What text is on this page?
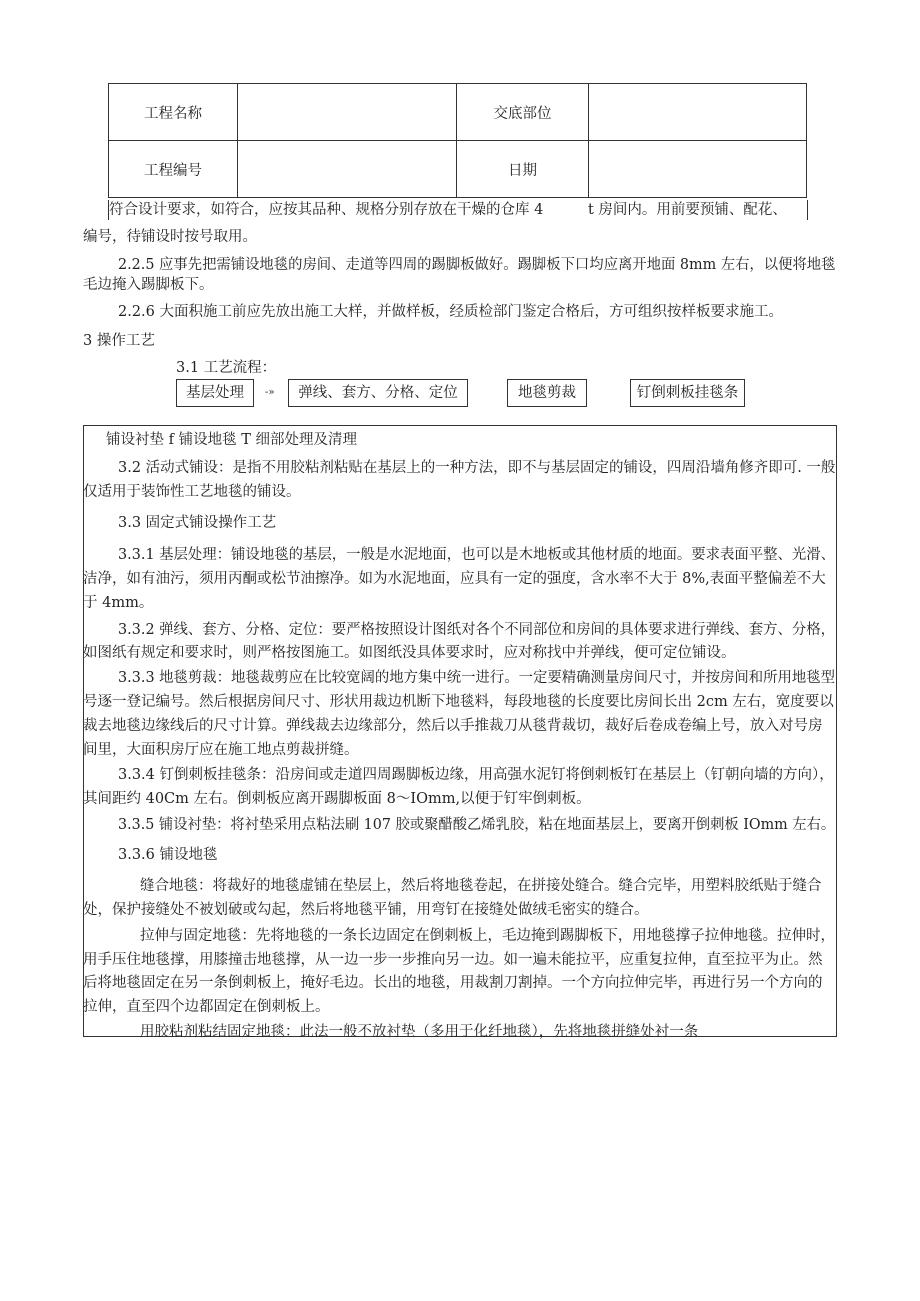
工程名称		交底部位	
工程编号		日期	
符合设计要求，如符合，应按其品种、规格分别存放在干燥的仓库 4	t 房间内。用前要预铺、配花、
编号，待铺设时按号取用。
2.2.5 应事先把需铺设地毯的房间、走道等四周的踢脚板做好。踢脚板下口均应离开地面 8mm 左右，以便将地毯
毛边掩入踢脚板下。
2.2.6 大面积施工前应先放出施工大样，并做样板，经质检部门鉴定合格后，方可组织按样板要求施工。
3 操作工艺
3.1 工艺流程：
基层处理	-»	弹线、套方、分格、定位	地毯剪裁	钉倒刺板挂毯条
铺设衬垫 f 铺设地毯 T 细部处理及清理
3.2 活动式铺设：是指不用胶粘剂粘贴在基层上的一种方法，即不与基层固定的铺设，四周沿墙角修齐即可. 一般
仅适用于装饰性工艺地毯的铺设。
3.3 固定式铺设操作工艺
3.3.1 基层处理：铺设地毯的基层，一般是水泥地面，也可以是木地板或其他材质的地面。要求表面平整、光滑、
洁净，如有油污，须用丙酮或松节油擦净。如为水泥地面，应具有一定的强度，含水率不大于 8%,表面平整偏差不大
于 4mm。
3.3.2 弹线、套方、分格、定位：要严格按照设计图纸对各个不同部位和房间的具体要求进行弹线、套方、分格，
如图纸有规定和要求时，则严格按图施工。如图纸没具体要求时，应对称找中并弹线，便可定位铺设。
3.3.3 地毯剪裁：地毯裁剪应在比较宽阔的地方集中统一进行。一定要精确测量房间尺寸，并按房间和所用地毯型
号逐一登记编号。然后根据房间尺寸、形状用裁边机断下地毯料，每段地毯的长度要比房间长出 2cm 左右，宽度要以
裁去地毯边缘线后的尺寸计算。弹线裁去边缘部分，然后以手推裁刀从毯背裁切，裁好后卷成卷编上号，放入对号房
间里，大面积房厅应在施工地点剪裁拼缝。
3.3.4 钉倒刺板挂毯条：沿房间或走道四周踢脚板边缘，用高强水泥钉将倒刺板钉在基层上（钉朝向墙的方向），
其间距约 40Cm 左右。倒刺板应离开踢脚板面 8～IOmm,以便于钉牢倒刺板。
3.3.5 铺设衬垫：将衬垫采用点粘法刷 107 胶或聚醋酸乙烯乳胶，粘在地面基层上，要离开倒刺板 IOmm 左右。
3.3.6 铺设地毯
缝合地毯：将裁好的地毯虚铺在垫层上，然后将地毯卷起，在拼接处缝合。缝合完毕，用塑料胶纸贴于缝合
处，保护接缝处不被划破或勾起，然后将地毯平铺，用弯钉在接缝处做绒毛密实的缝合。
拉伸与固定地毯：先将地毯的一条长边固定在倒刺板上，毛边掩到踢脚板下，用地毯撑子拉伸地毯。拉伸时，
用手压住地毯撑，用膝撞击地毯撑，从一边一步一步推向另一边。如一遍未能拉平，应重复拉伸，直至拉平为止。然
后将地毯固定在另一条倒刺板上，掩好毛边。长出的地毯，用裁割刀割掉。一个方向拉伸完毕，再进行另一个方向的
拉伸，直至四个边都固定在倒刺板上。
用胶粘剂粘结固定地毯：此法一般不放衬垫（多用于化纤地毯），先将地毯拼缝处衬一条
